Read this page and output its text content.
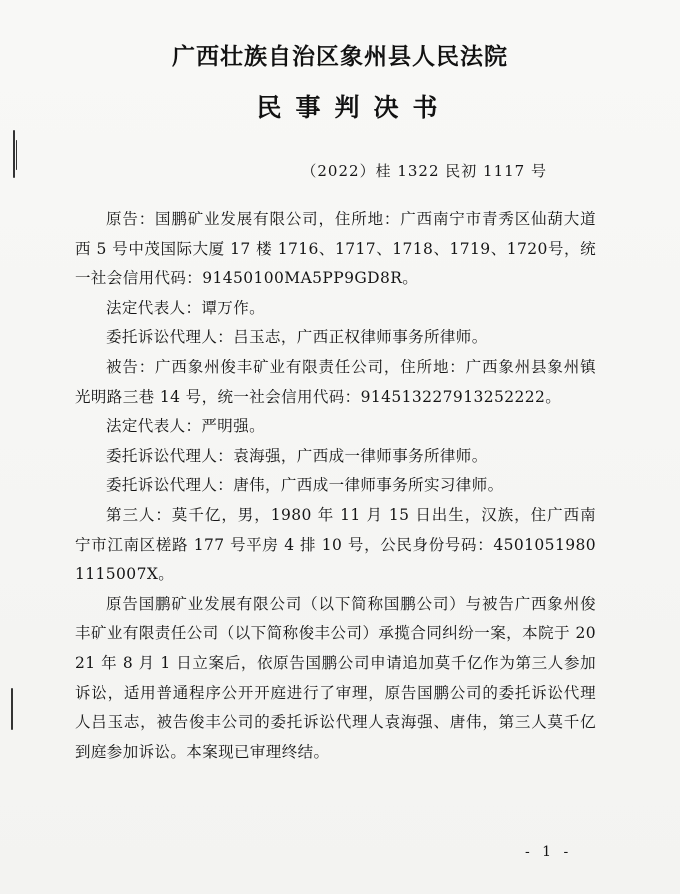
广西壮族自治区象州县人民法院
民事判决书
（2022）桂 1322 民初 1117 号

原告：国鹏矿业发展有限公司，住所地：广西南宁市青秀区仙葫大道西 5 号中茂国际大厦 17 楼 1716、1717、1718、1719、1720号，统一社会信用代码：91450100MA5PP9GD8R。

法定代表人：谭万作。

委托诉讼代理人：吕玉志，广西正权律师事务所律师。

被告：广西象州俊丰矿业有限责任公司，住所地：广西象州县象州镇光明路三巷 14 号，统一社会信用代码：91451322791325222​2。

法定代表人：严明强。

委托诉讼代理人：袁海强，广西成一律师事务所律师。

委托诉讼代理人：唐伟，广西成一律师事务所实习律师。

第三人：莫千亿，男，1980 年 11 月 15 日出生，汉族，住广西南宁市江南区槎路 177 号平房 4 排 10 号，公民身份号码：45010519801115007X。

原告国鹏矿业发展有限公司（以下简称国鹏公司）与被告广西象州俊丰矿业有限责任公司（以下简称俊丰公司）承揽合同纠纷一案，本院于 2021 年 8 月 1 日立案后，依原告国鹏公司申请追加莫千亿作为第三人参加诉讼，适用普通程序公开开庭进行了审理，原告国鹏公司的委托诉讼代理人吕玉志，被告俊丰公司的委托诉讼代理人袁海强、唐伟，第三人莫千亿到庭参加诉讼。本案现已审理终结。

- 1 -
